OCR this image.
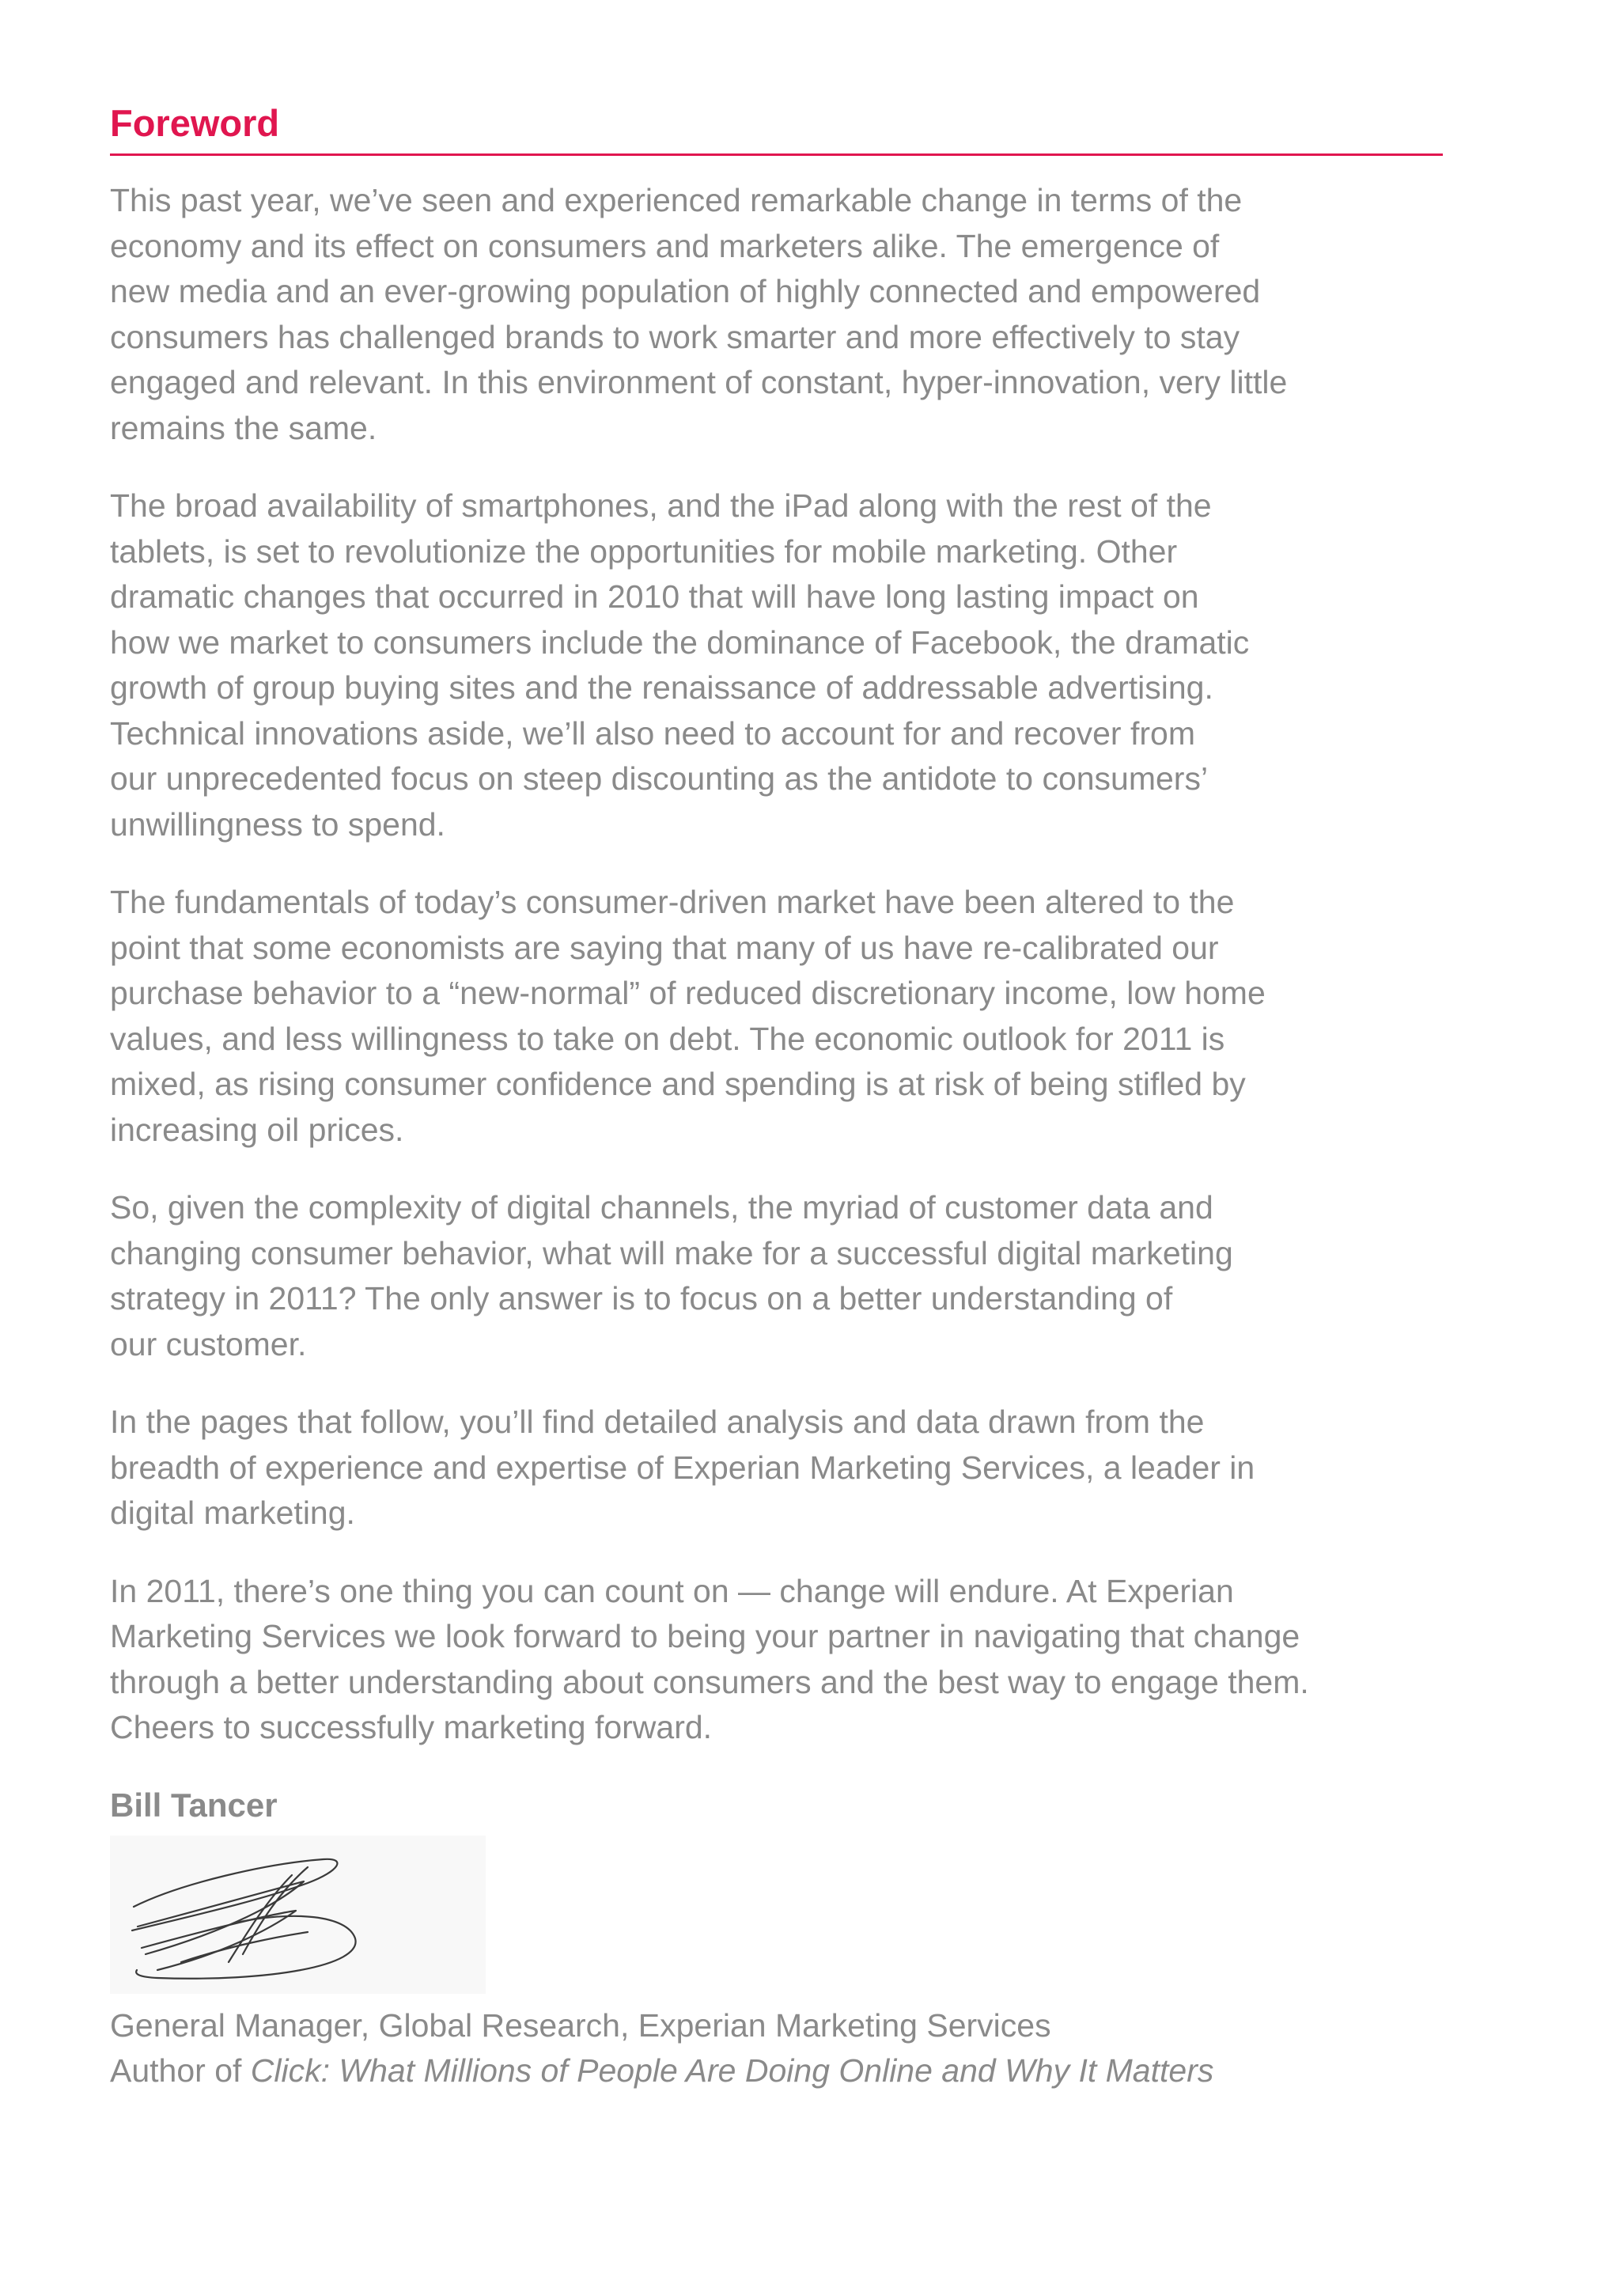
Foreword

This past year, we’ve seen and experienced remarkable change in terms of the
economy and its effect on consumers and marketers alike. The emergence of
new media and an ever-growing population of highly connected and empowered
consumers has challenged brands to work smarter and more effectively to stay
engaged and relevant. In this environment of constant, hyper-innovation, very little
remains the same.

The broad availability of smartphones, and the iPad along with the rest of the
tablets, is set to revolutionize the opportunities for mobile marketing. Other
dramatic changes that occurred in 2010 that will have long lasting impact on
how we market to consumers include the dominance of Facebook, the dramatic
growth of group buying sites and the renaissance of addressable advertising.
Technical innovations aside, we’ll also need to account for and recover from
our unprecedented focus on steep discounting as the antidote to consumers’
unwillingness to spend.

The fundamentals of today’s consumer-driven market have been altered to the
point that some economists are saying that many of us have re-calibrated our
purchase behavior to a “new-normal” of reduced discretionary income, low home
values, and less willingness to take on debt. The economic outlook for 2011 is
mixed, as rising consumer confidence and spending is at risk of being stifled by
increasing oil prices.

So, given the complexity of digital channels, the myriad of customer data and
changing consumer behavior, what will make for a successful digital marketing
strategy in 2011? The only answer is to focus on a better understanding of
our customer.

In the pages that follow, you’ll find detailed analysis and data drawn from the
breadth of experience and expertise of Experian Marketing Services, a leader in
digital marketing.

In 2011, there’s one thing you can count on — change will endure. At Experian
Marketing Services we look forward to being your partner in navigating that change
through a better understanding about consumers and the best way to engage them.
Cheers to successfully marketing forward.

Bill Tancer
General Manager, Global Research, Experian Marketing Services
Author of Click: What Millions of People Are Doing Online and Why It Matters
